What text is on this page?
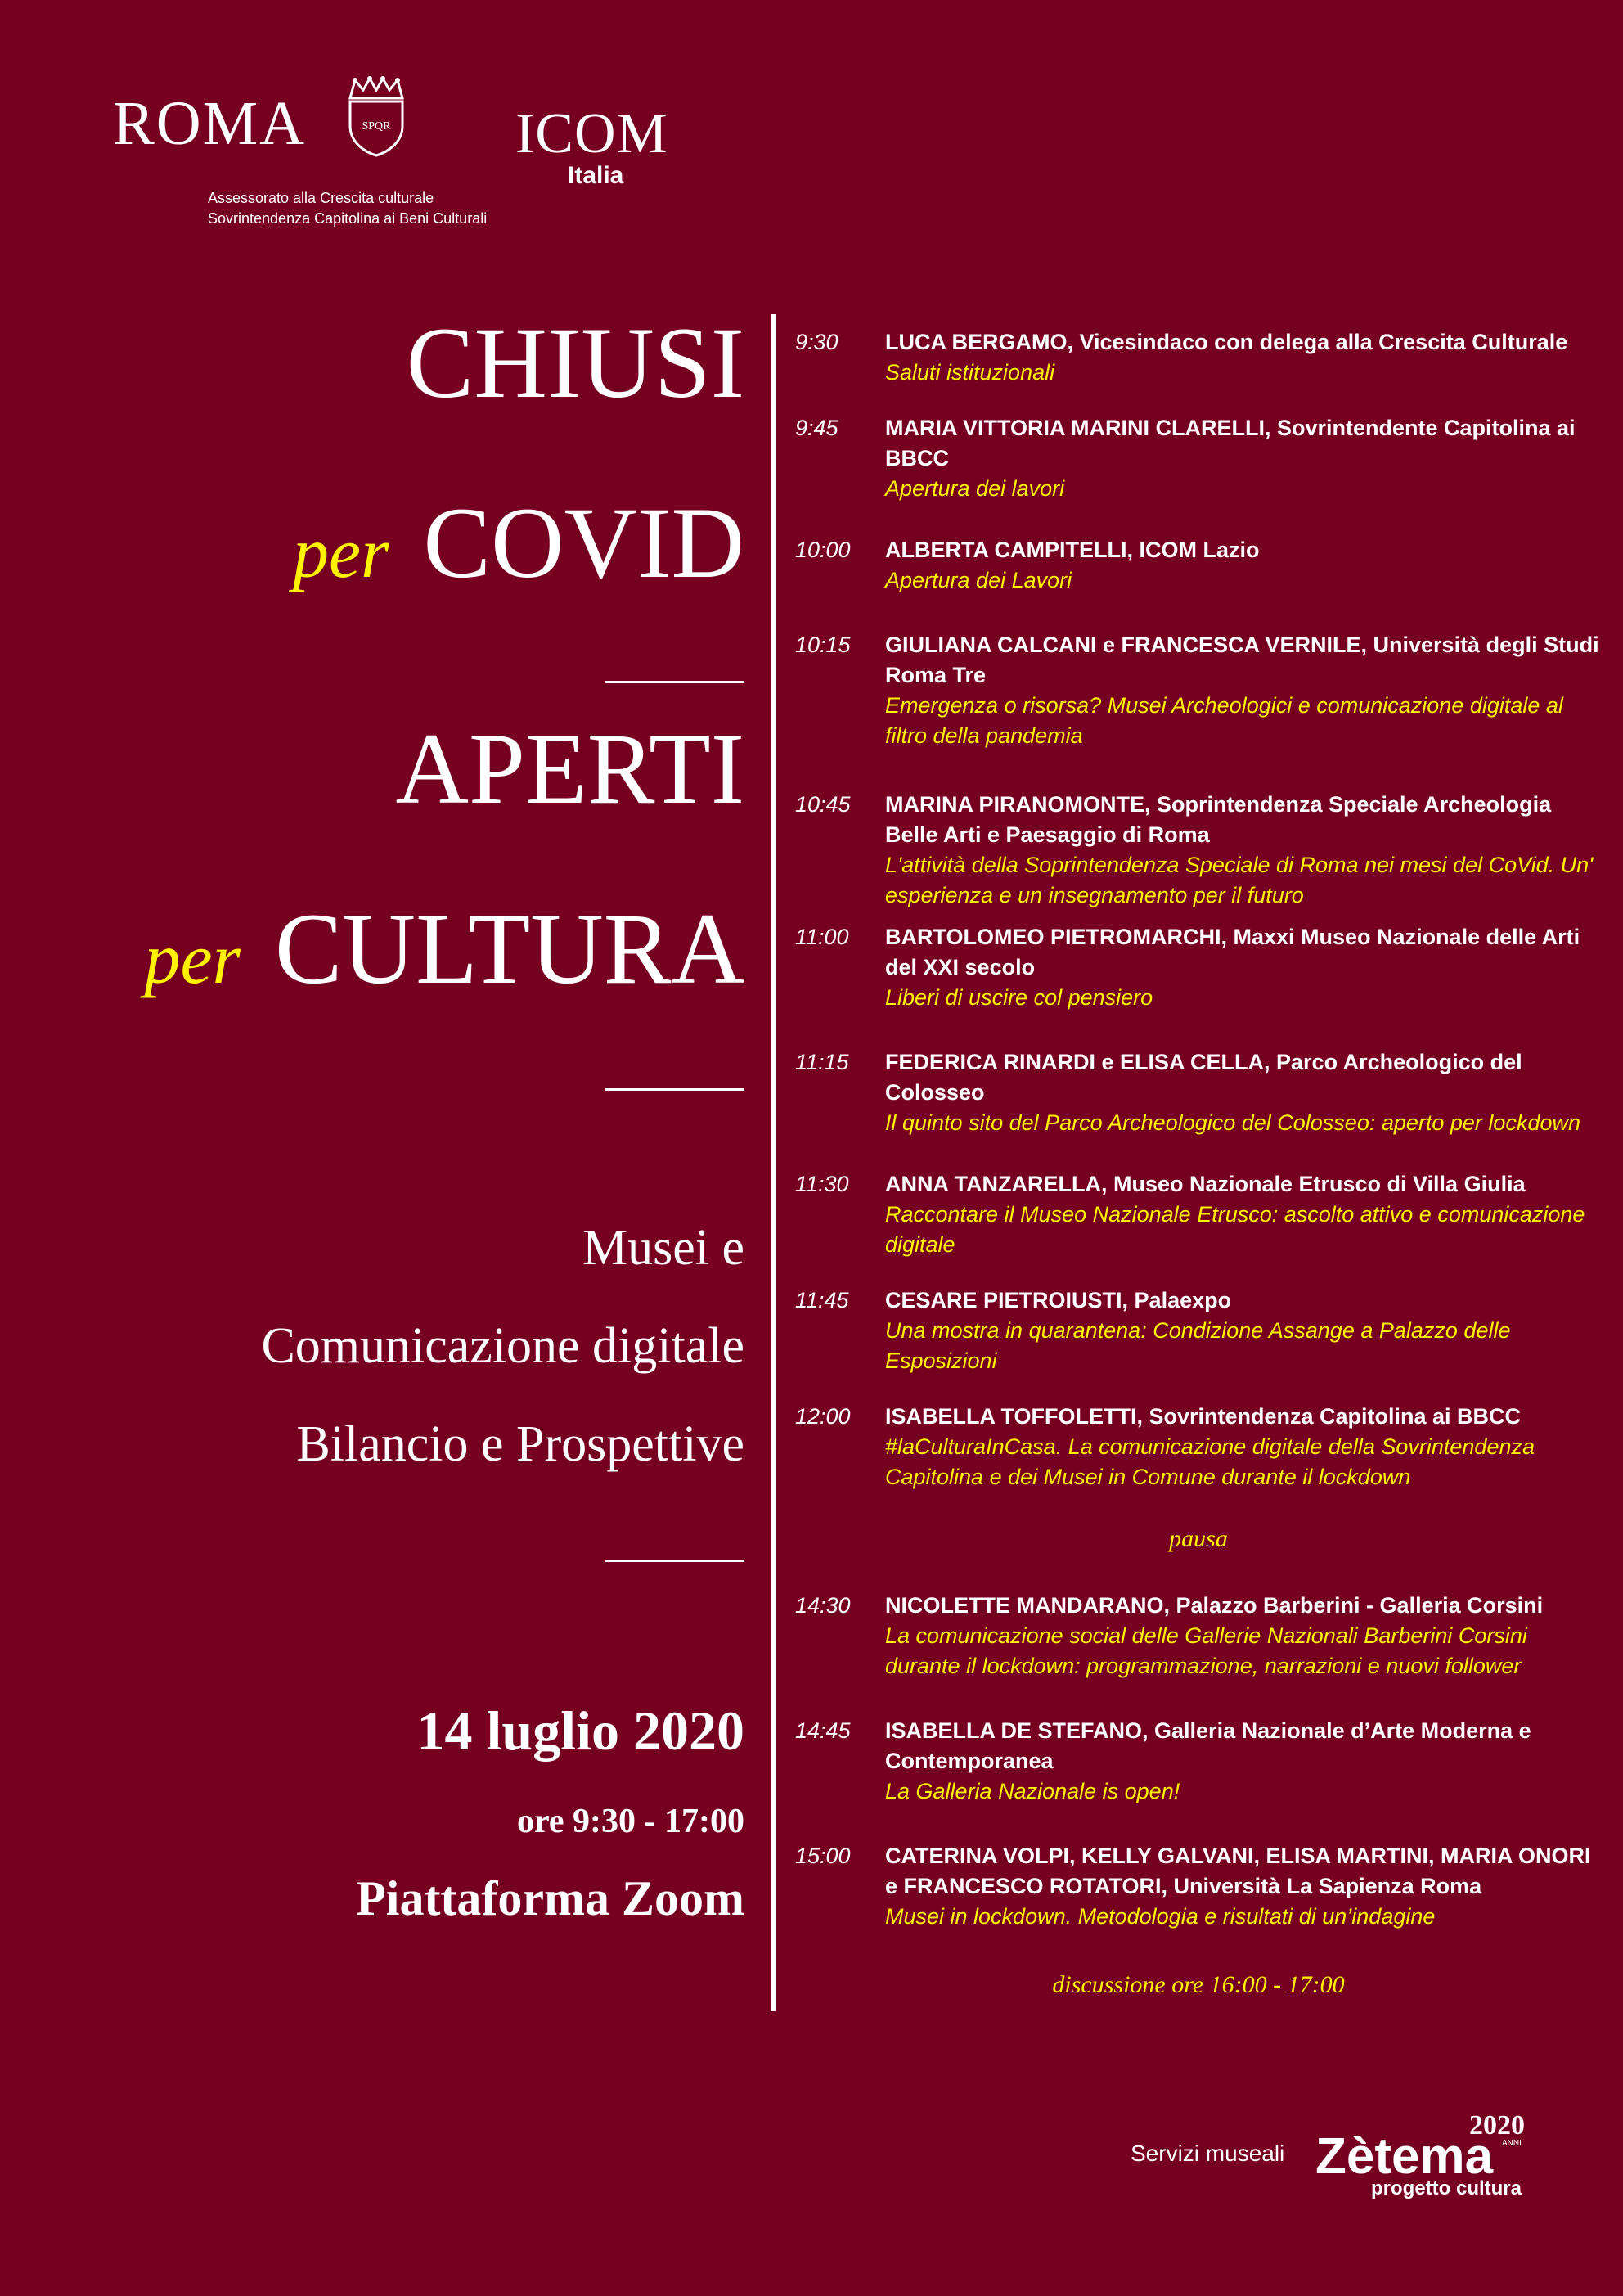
ROMA	SPQR
Assessorato alla Crescita culturale
Sovrintendenza Capitolina ai Beni Culturali
ICOM
Italia
CHIUSI
per COVID
APERTI
per CULTURA
Musei e
Comunicazione digitale
Bilancio e Prospettive
14 luglio 2020
ore 9:30 - 17:00
Piattaforma Zoom
9:30 LUCA BERGAMO, Vicesindaco con delega alla Crescita Culturale
Saluti istituzionali
9:45 MARIA VITTORIA MARINI CLARELLI, Sovrintendente Capitolina ai BBCC
Apertura dei lavori
10:00 ALBERTA CAMPITELLI, ICOM Lazio
Apertura dei Lavori
10:15 GIULIANA CALCANI e FRANCESCA VERNILE, Università degli Studi Roma Tre
Emergenza o risorsa? Musei Archeologici e comunicazione digitale al filtro della pandemia
10:45 MARINA PIRANOMONTE, Soprintendenza Speciale Archeologia Belle Arti e Paesaggio di Roma
L'attività della Soprintendenza Speciale di Roma nei mesi del CoVid. Un' esperienza e un insegnamento per il futuro
11:00 BARTOLOMEO PIETROMARCHI, Maxxi Museo Nazionale delle Arti del XXI secolo
Liberi di uscire col pensiero
11:15 FEDERICA RINARDI e ELISA CELLA, Parco Archeologico del Colosseo
Il quinto sito del Parco Archeologico del Colosseo: aperto per lockdown
11:30 ANNA TANZARELLA, Museo Nazionale Etrusco di Villa Giulia
Raccontare il Museo Nazionale Etrusco: ascolto attivo e comunicazione digitale
11:45 CESARE PIETROIUSTI, Palaexpo
Una mostra in quarantena: Condizione Assange a Palazzo delle Esposizioni
12:00 ISABELLA TOFFOLETTI, Sovrintendenza Capitolina ai BBCC
#laCulturaInCasa. La comunicazione digitale della Sovrintendenza Capitolina e dei Musei in Comune durante il lockdown
pausa
14:30 NICOLETTE MANDARANO, Palazzo Barberini - Galleria Corsini
La comunicazione social delle Gallerie Nazionali Barberini Corsini durante il lockdown: programmazione, narrazioni e nuovi follower
14:45 ISABELLA DE STEFANO, Galleria Nazionale d’Arte Moderna e Contemporanea
La Galleria Nazionale is open!
15:00 CATERINA VOLPI, KELLY GALVANI, ELISA MARTINI, MARIA ONORI e FRANCESCO ROTATORI, Università La Sapienza Roma
Musei in lockdown. Metodologia e risultati di un’indagine
discussione ore 16:00 - 17:00
Servizi museali Zètema
progetto cultura
2020
ANNI
